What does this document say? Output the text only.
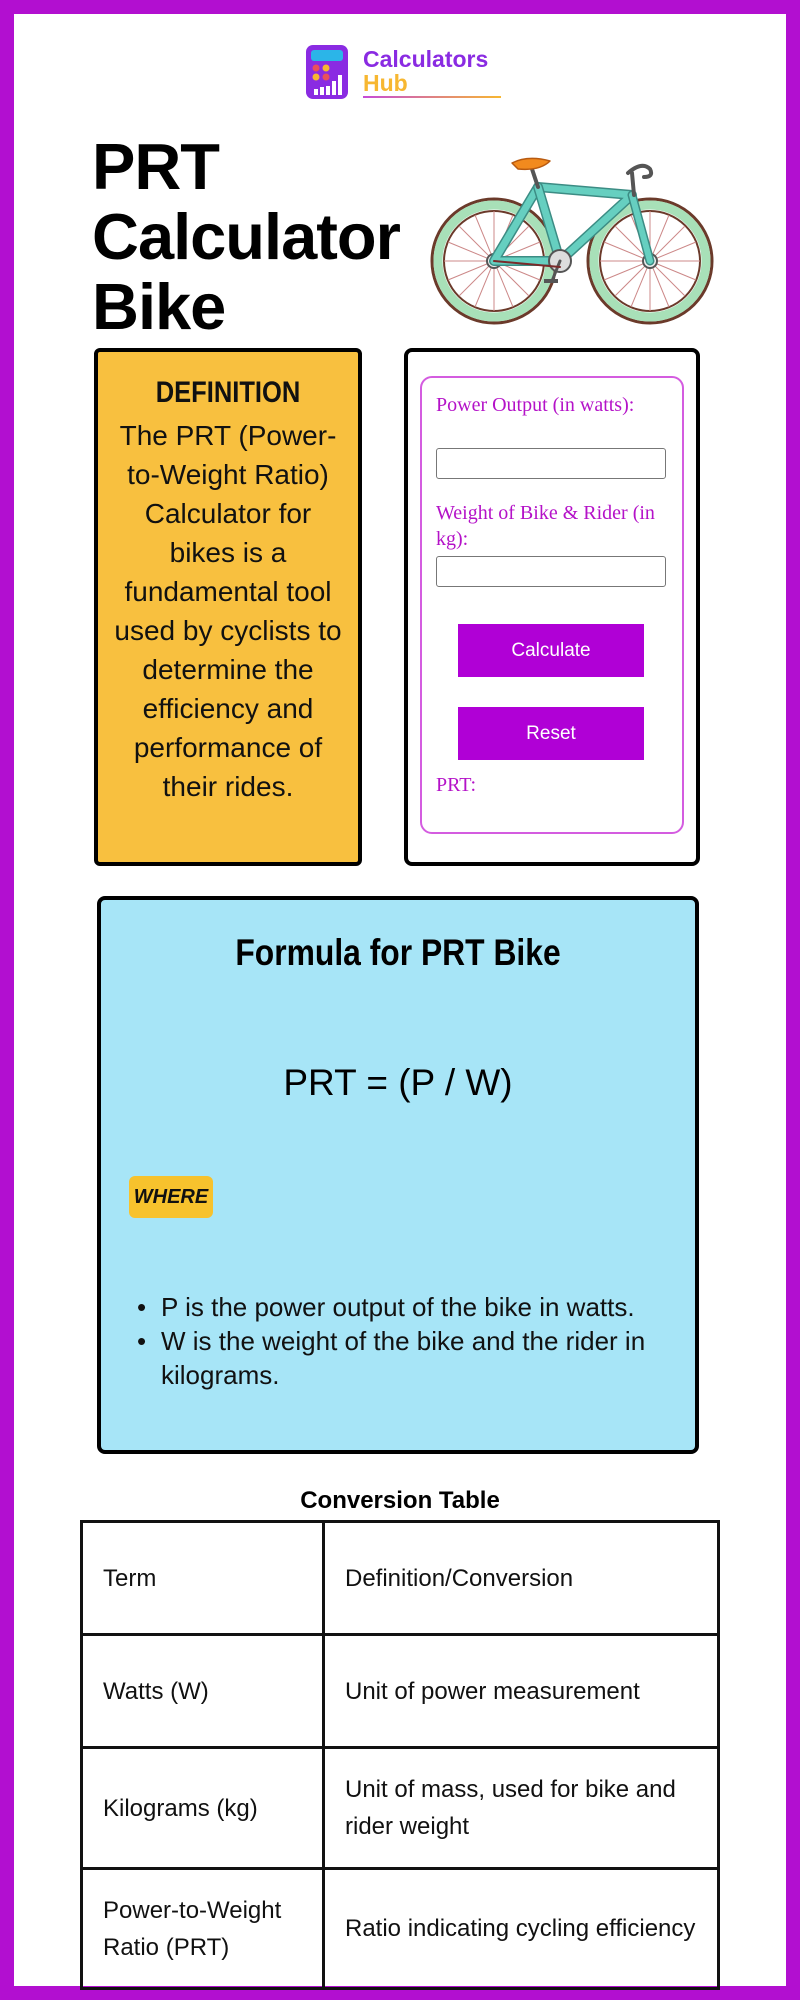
Calculators
Hub
PRT
Calculator
Bike
DEFINITION
The PRT (Power-to-Weight Ratio) Calculator for bikes is a fundamental tool used by cyclists to determine the efficiency and performance of their rides.
Power Output (in watts):
Weight of Bike & Rider (in kg):
Calculate
Reset
PRT:
Formula for PRT Bike
PRT = (P / W)
WHERE
• P is the power output of the bike in watts.
• W is the weight of the bike and the rider in kilograms.
Conversion Table
Term	Definition/Conversion
Watts (W)	Unit of power measurement
Kilograms (kg)	Unit of mass, used for bike and rider weight
Power-to-Weight Ratio (PRT)	Ratio indicating cycling efficiency
